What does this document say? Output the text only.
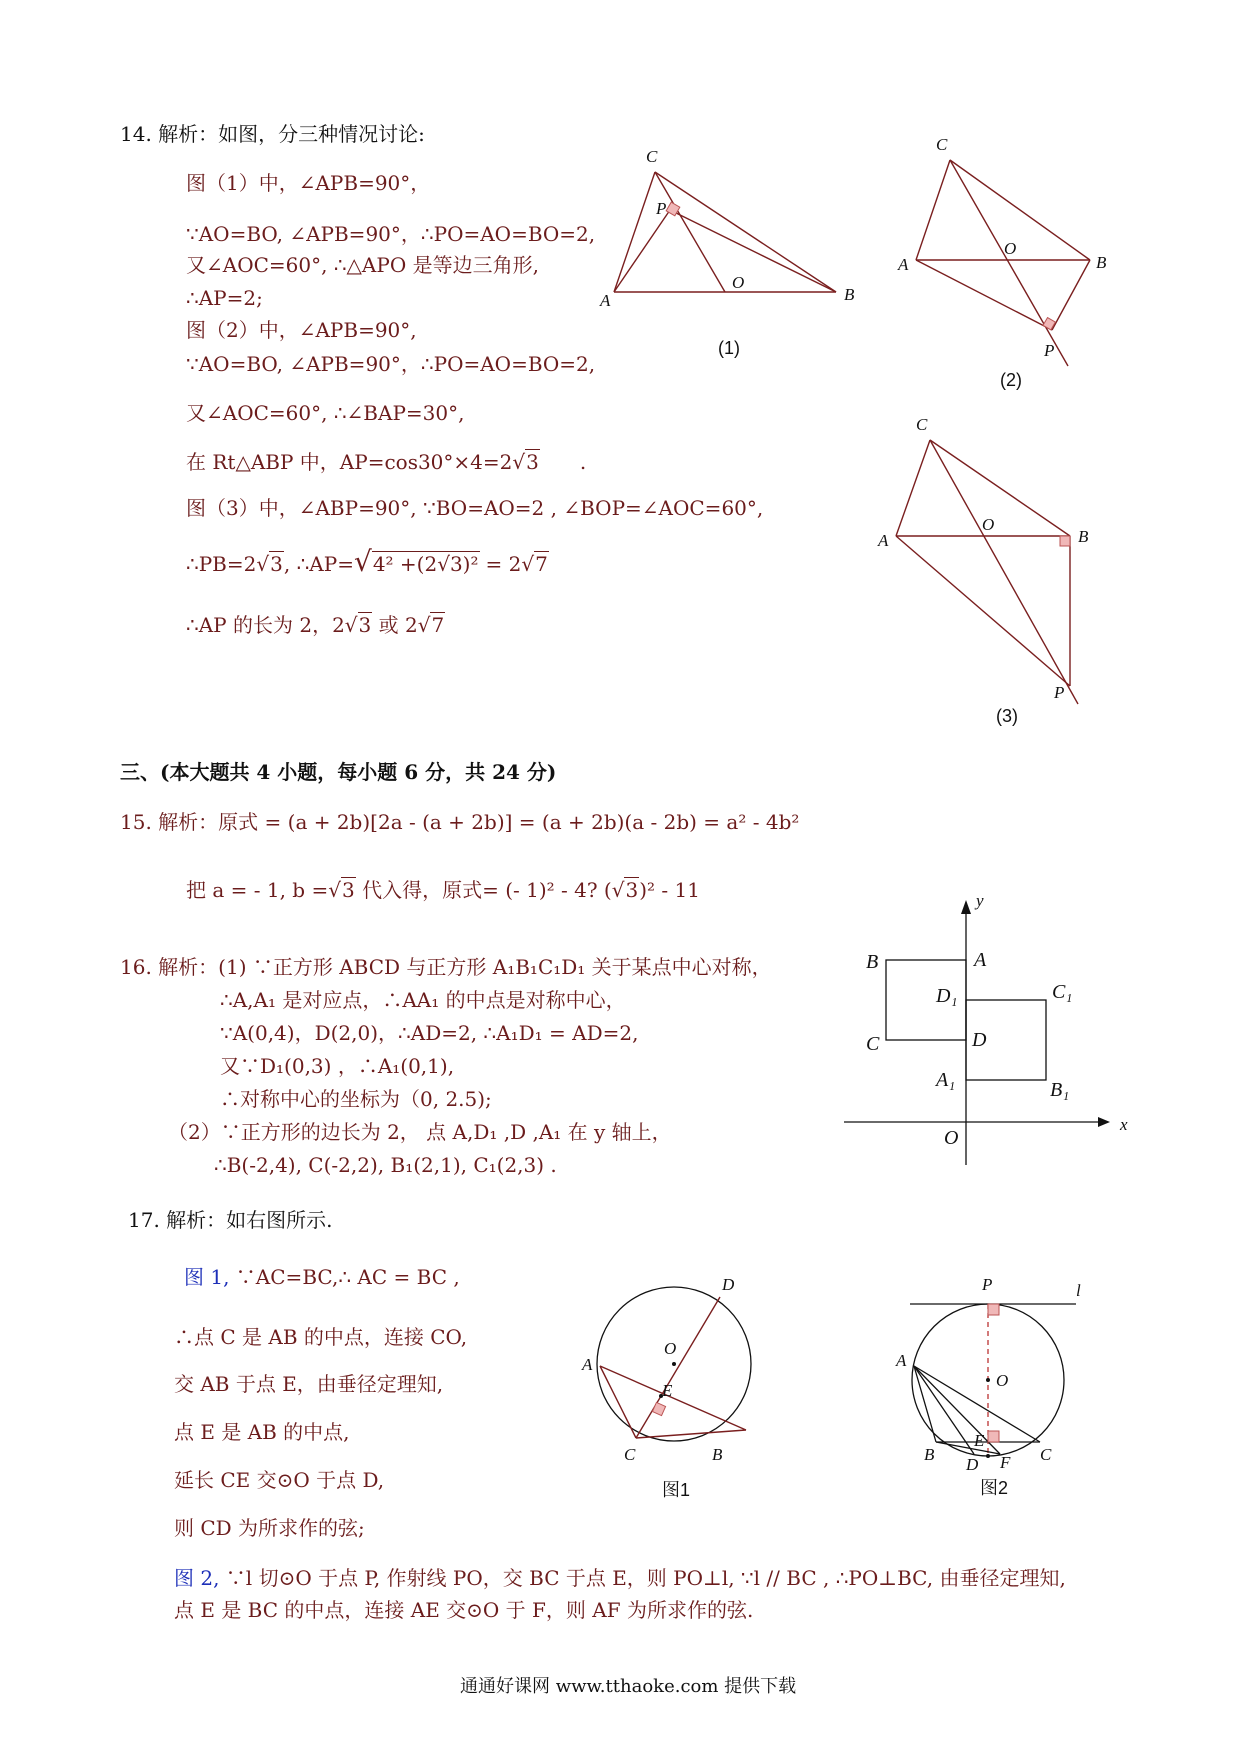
14. 解析：如图，分三种情况讨论:
图（1）中，∠APB=90°，
∵AO=BO, ∠APB=90°，∴PO=AO=BO=2,
又∠AOC=60°, ∴△APO 是等边三角形,
∴AP=2;
图（2）中，∠APB=90°,
∵AO=BO, ∠APB=90°，∴PO=AO=BO=2,
又∠AOC=60°, ∴∠BAP=30°,
在 Rt△ABP 中，AP=cos30°×4=2√3 .
图（3）中，∠ABP=90°, ∵BO=AO=2 , ∠BOP=∠AOC=60°,
∴PB=2√3, ∴AP=√4² +(2√3)² = 2√7
∴AP 的长为 2，2√3 或 2√7
C
P
O
A	B
(1)
C
O
A	B
P
(2)
C
O
A	B
P
(3)
三、(本大题共 4 小题，每小题 6 分，共 24 分)
15. 解析：原式 = (a + 2b)[2a - (a + 2b)] = (a + 2b)(a - 2b) = a² - 4b²
把 a = - 1, b =√3 代入得，原式= (- 1)² - 4? (√3)² - 11
16. 解析：(1) ∵正方形 ABCD 与正方形 A₁B₁C₁D₁ 关于某点中心对称，
∴A,A₁ 是对应点，∴AA₁ 的中点是对称中心，
∵A(0,4)，D(2,0)，∴AD=2, ∴A₁D₁ = AD=2,
又∵D₁(0,3) ，∴A₁(0,1),
∴对称中心的坐标为（0, 2.5);
（2）∵正方形的边长为 2， 点 A,D₁ ,D ,A₁ 在 y 轴上，
∴B(-2,4), C(-2,2), B₁(2,1), C₁(2,3) .
y
x
B	A
D₁	C₁
C	D
A₁	B₁
O
17. 解析：如右图所示.
图 1, ∵AC=BC,∴ AC = BC ,
∴点 C 是 AB 的中点，连接 CO,
交 AB 于点 E，由垂径定理知,
点 E 是 AB 的中点,
延长 CE 交⊙O 于点 D,
则 CD 为所求作的弦;
图 2, ∵l 切⊙O 于点 P, 作射线 PO，交 BC 于点 E，则 PO⊥l, ∵l // BC , ∴PO⊥BC, 由垂径定理知,
点 E 是 BC 的中点，连接 AE 交⊙O 于 F，则 AF 为所求作的弦.
D
O
A
E
C	B
图1
P	l
A
O
B
E
C
D F
图2
通通好课网 www.tthaoke.com 提供下载
